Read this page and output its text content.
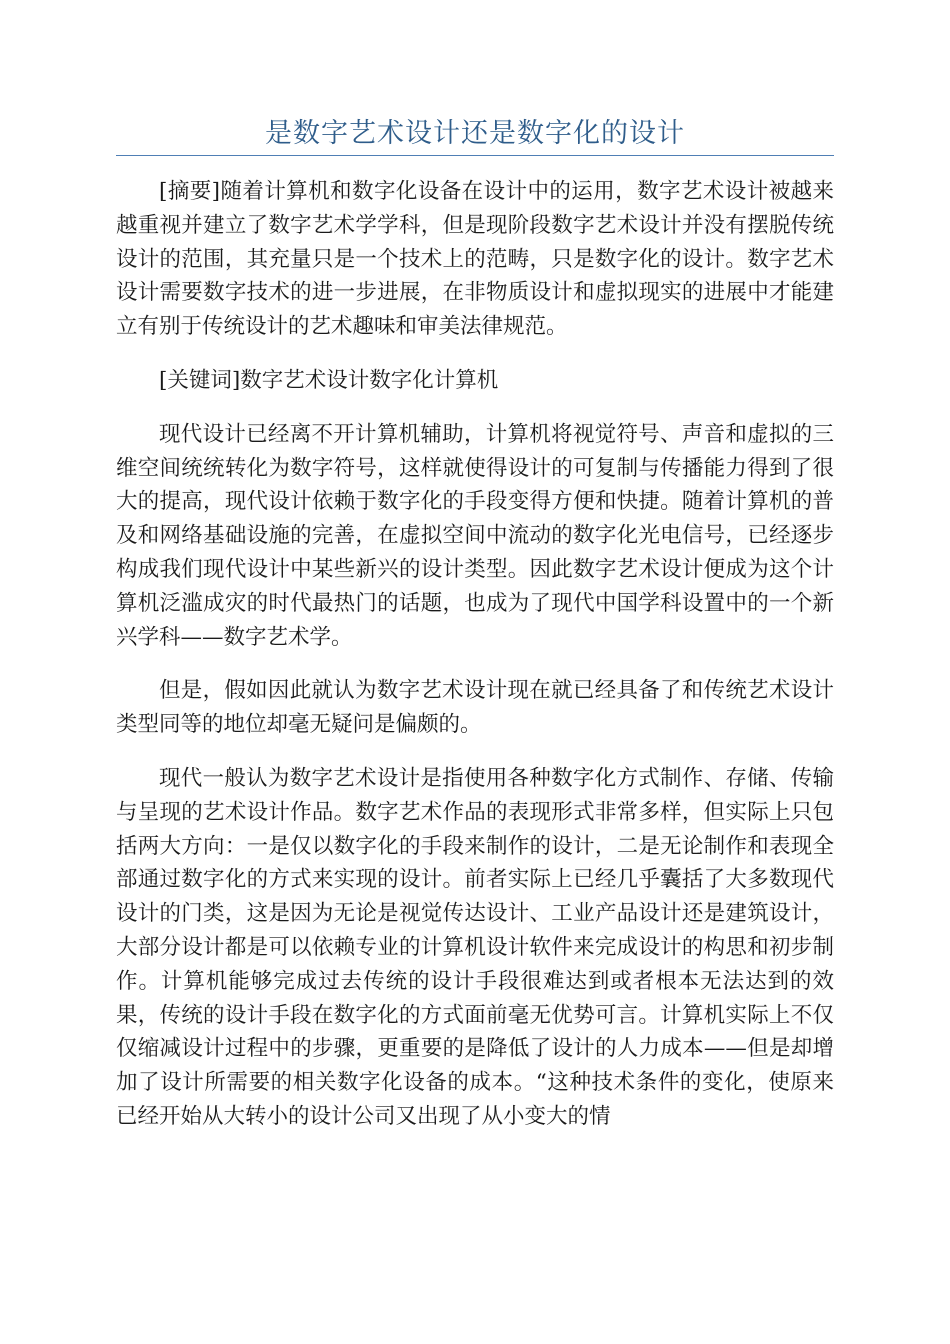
是数字艺术设计还是数字化的设计

[摘要]随着计算机和数字化设备在设计中的运用，数字艺术设计被越来越重视并建立了数字艺术学学科，但是现阶段数字艺术设计并没有摆脱传统设计的范围，其充量只是一个技术上的范畴，只是数字化的设计。数字艺术设计需要数字技术的进一步进展，在非物质设计和虚拟现实的进展中才能建立有别于传统设计的艺术趣味和审美法律规范。

[关键词]数字艺术设计数字化计算机

现代设计已经离不开计算机辅助，计算机将视觉符号、声音和虚拟的三维空间统统转化为数字符号，这样就使得设计的可复制与传播能力得到了很大的提高，现代设计依赖于数字化的手段变得方便和快捷。随着计算机的普及和网络基础设施的完善，在虚拟空间中流动的数字化光电信号，已经逐步构成我们现代设计中某些新兴的设计类型。因此数字艺术设计便成为这个计算机泛滥成灾的时代最热门的话题，也成为了现代中国学科设置中的一个新兴学科——数字艺术学。

但是，假如因此就认为数字艺术设计现在就已经具备了和传统艺术设计类型同等的地位却毫无疑问是偏颇的。

现代一般认为数字艺术设计是指使用各种数字化方式制作、存储、传输与呈现的艺术设计作品。数字艺术作品的表现形式非常多样，但实际上只包括两大方向：一是仅以数字化的手段来制作的设计，二是无论制作和表现全部通过数字化的方式来实现的设计。前者实际上已经几乎囊括了大多数现代设计的门类，这是因为无论是视觉传达设计、工业产品设计还是建筑设计，大部分设计都是可以依赖专业的计算机设计软件来完成设计的构思和初步制作。计算机能够完成过去传统的设计手段很难达到或者根本无法达到的效果，传统的设计手段在数字化的方式面前毫无优势可言。计算机实际上不仅仅缩减设计过程中的步骤，更重要的是降低了设计的人力成本——但是却增加了设计所需要的相关数字化设备的成本。“这种技术条件的变化，使原来已经开始从大转小的设计公司又出现了从小变大的情
